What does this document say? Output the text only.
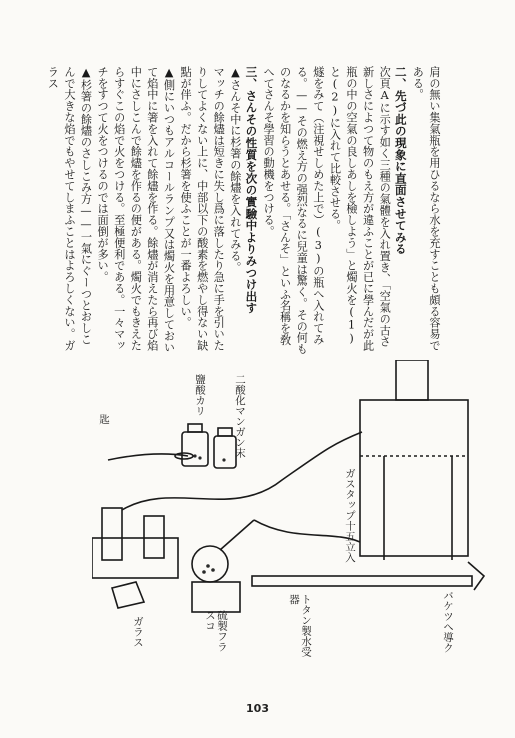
肩の無い集氣瓶を用ひるなら水を充すことも頗る容易である。

二、先づ此の現象に直面させてみる

次頁Aに示す如く三種の氣體を入れ置き、「空氣の古さ新しさによつて物のもえ方が違ふことが已に學んだが此瓶の中の空氣の良しあしを檢しよう」と燭火を(1)と(2)に入れて比較させる。

燧をみて（注視せしめた上で）(3)の瓶へ入れてみる。——その燃え方の强烈なるに兒童は驚く。その何ものなるかを知らうとあせる。「さんそ」といふ名稱を敎へてさんそ學習の動機をつける。

三、さんその性質を次の實驗中よりみつけ出す

▲さんそ中に杉箸の餘燼を入れてみる。

マッチの餘燼は短きに失し爲に落したり急に手を引いたりしてよくない上に、中部以下の酸素を燃やし得ない缺點が伴ふ。だから杉箸を使ふことが一番よろしい。

▲側にいつもアルコールランプ又は燭火を用意しておいて焰中に箸を入れて餘燼を作る。餘燼が消えたら再び焰中にさしこんで餘燼を作るの便がある。燭火でもきえたらすぐこの焰で火をつける。至極便利である。一々マッチをすつて火をつけるのでは面倒が多い。

▲杉箸の餘燼のさしこみ方——一氣にぐーつとおしこんで大きな焰でもやせてしまふことはよろしくない。ガラス

鹽酸カリ	二酸化マンガン末
匙
ガスタップ十五立入
硫製フラスコ
ガラス	トタン製水受器	バケツへ導ク
103
